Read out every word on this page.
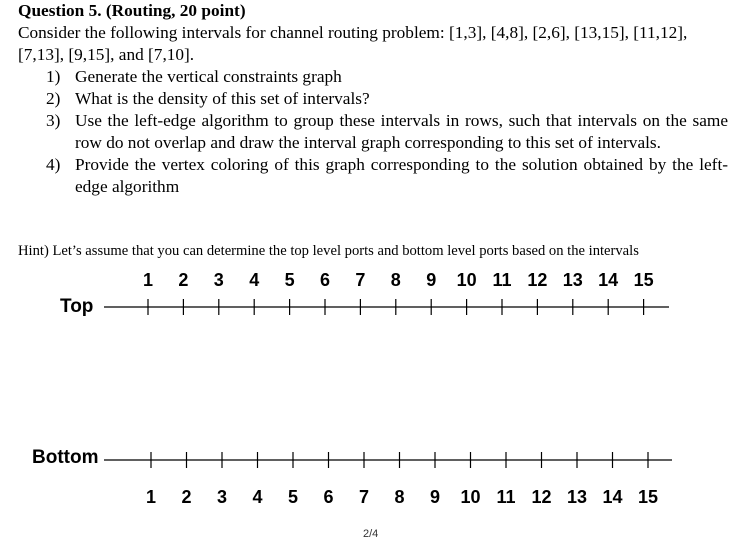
Question 5. (Routing, 20 point)
Consider the following intervals for channel routing problem: [1,3], [4,8], [2,6], [13,15], [11,12], [7,13], [9,15], and [7,10].
1) Generate the vertical constraints graph
2) What is the density of this set of intervals?
3) Use the left-edge algorithm to group these intervals in rows, such that intervals on the same row do not overlap and draw the interval graph corresponding to this set of intervals.
4) Provide the vertex coloring of this graph corresponding to the solution obtained by the left-edge algorithm
Hint) Let’s assume that you can determine the top level ports and bottom level ports based on the intervals
Top
Bottom
1 2 3 4 5 6 7 8 9 10 11 12 13 14 15
1 2 3 4 5 6 7 8 9 10 11 12 13 14 15
2/4
